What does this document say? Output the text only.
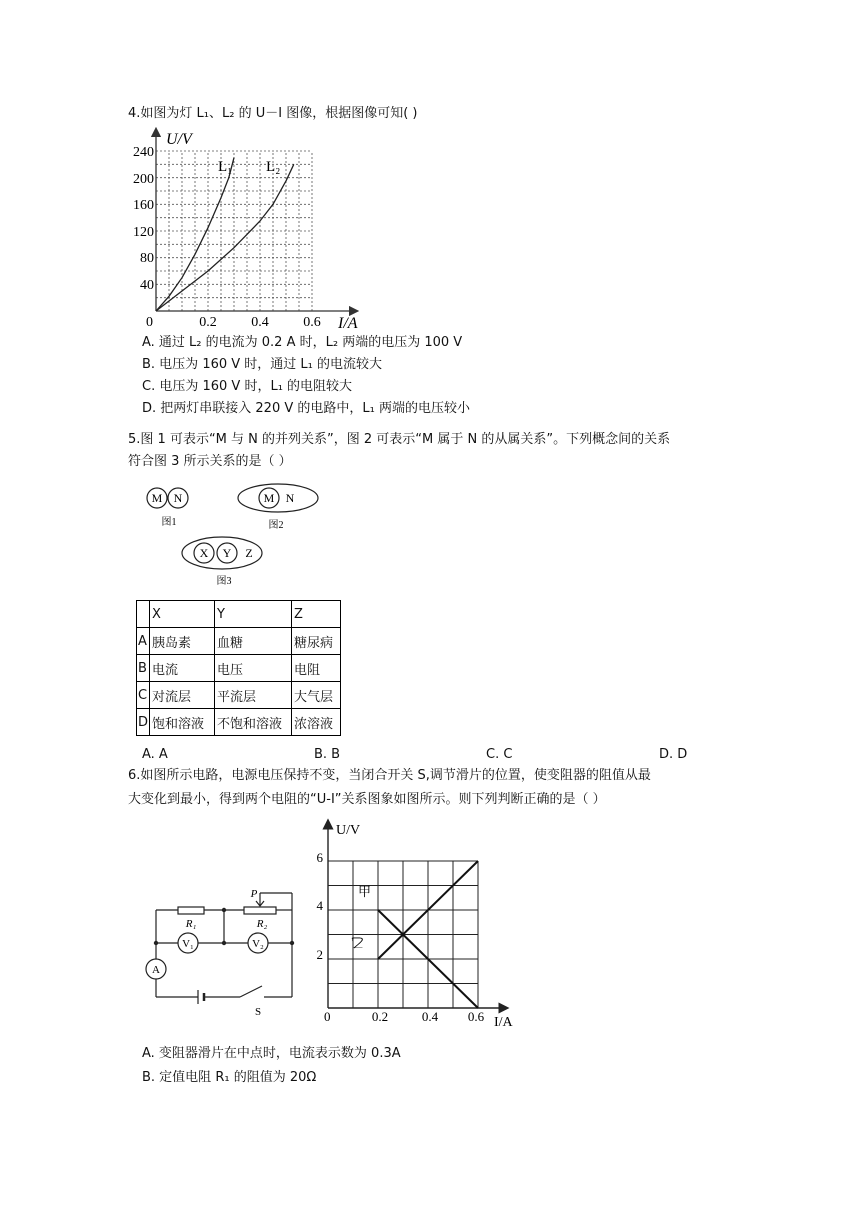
4.如图为灯 L₁、L₂ 的 U－I 图像，根据图像可知( )
U/V
I/A
0
240
200
160
120
80
40
0.2 0.4 0.6
L₁ L₂
A. 通过 L₂ 的电流为 0.2 A 时，L₂ 两端的电压为 100 V
B. 电压为 160 V 时，通过 L₁ 的电流较大
C. 电压为 160 V 时，L₁ 的电阻较大
D. 把两灯串联接入 220 V 的电路中，L₁ 两端的电压较小
5.图 1 可表示“M 与 N 的并列关系”，图 2 可表示“M 属于 N 的从属关系”。下列概念间的关系
符合图 3 所示关系的是（ ）
M N
图1
M N
图2
X Y Z
图3
	X	Y	Z
A	胰岛素	血糖	糖尿病
B	电流	电压	电阻
C	对流层	平流层	大气层
D	饱和溶液	不饱和溶液	浓溶液
A. A	B. B	C. C	D. D
6.如图所示电路，电源电压保持不变，当闭合开关 S,调节滑片的位置，使变阻器的阻值从最
大变化到最小，得到两个电阻的“U-I”关系图象如图所示。则下列判断正确的是（ ）
R₁	R₂
P
V₁	V₂
A
S
U/V
I/A
0
6
4
2
0.2	0.4 0.6
甲
乙
A. 变阻器滑片在中点时，电流表示数为 0.3A
B. 定值电阻 R₁ 的阻值为 20Ω
